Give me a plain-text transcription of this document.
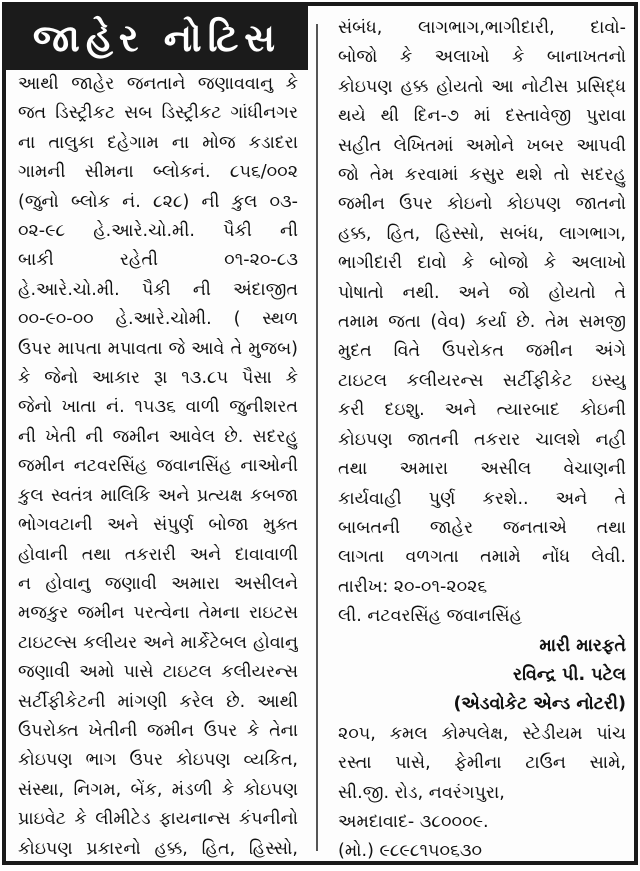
જાહેર નોટિસ
આથી જાહેર જનતાને જણાવવાનુ કે
જત ડિસ્ટ્રીકટ સબ ડિસ્ટ્રીકટ ગાંધીનગર
ના તાલુકા દહેગામ ના મોજ કડાદરા
ગામની સીમના બ્લોકનં. ૮૫૬/૦૦૨
(જુનો બ્લોક નં. ૮૨૮) ની કુલ ૦૩-
૦૨-૯૮ હે.આરે.ચો.મી. પૈકી ની
બાકી રહેતી ૦૧-૨૦-૮૩
હે.આરે.ચો.મી. પૈકી ની અંદાજીત
૦૦-૯૦-૦૦ હે.આરે.ચોમી. ( સ્થળ
ઉપર માપતા મપાવતા જે આવે તે મુજબ)
કે જેનો આકાર રૂા ૧૩.૮૫ પૈસા કે
જેનો ખાતા નં. ૧૫૩૬ વાળી જુનીશરત
ની ખેતી ની જમીન આવેલ છે. સદરહુ
જમીન નટવરસિંહ જવાનસિંહ નાઓની
કુલ સ્વતંત્ર માલિકિ અને પ્રત્યક્ષ કબજા
ભોગવટાની અને સંપુર્ણ બોજા મુક્ત
હોવાની તથા તકરારી અને દાવાવાળી
ન હોવાનુ જણાવી અમારા અસીલને
મજકુર જમીન પરત્વેના તેમના રાઇટસ
ટાઇટલ્સ કલીયર અને માર્કેટેબલ હોવાનુ
જણાવી અમો પાસે ટાઇટલ કલીયરન્સ
સર્ટીફીકેટની માંગણી કરેલ છે. આથી
ઉપરોક્ત ખેતીની જમીન ઉપર કે તેના
કોઇપણ ભાગ ઉપર કોઇપણ વ્યકિત,
સંસ્થા, નિગમ, બેંક, મંડળી કે કોઇપણ
પ્રાઇવેટ કે લીમીટેડ ફાયનાન્સ કંપનીનો
કોઇપણ પ્રકારનો હક્ક, હિત, હિસ્સો,
સંબંધ, લાગભાગ,ભાગીદારી, દાવો-
બોજો કે અલાખો કે બાનાખતનો
કોઇપણ હક્ક હોયતો આ નોટીસ પ્રસિદ્ધ
થયે થી દિન-૭ માં દસ્તાવેજી પુરાવા
સહીત લેખિતમાં અમોને ખબર આપવી
જો તેમ કરવામાં કસુર થશે તો સદરહુ
જમીન ઉપર કોઇનો કોઇપણ જાતનો
હક્ક, હિત, હિસ્સો, સબંધ, લાગભાગ,
ભાગીદારી દાવો કે બોજો કે અલાખો
પોષાતો નથી. અને જો હોયતો તે
તમામ જતા (વેવ) કર્યા છે. તેમ સમજી
મુદત વિતે ઉપરોકત જમીન અંગે
ટાઇટલ કલીયરન્સ સર્ટીફીકેટ ઇસ્યુ
કરી દઇશુ. અને ત્યારબાદ કોઇની
કોઇપણ જાતની તકરાર ચાલશે નહી
તથા અમારા અસીલ વેચાણની
કાર્યવાહી પુર્ણ કરશે.. અને તે
બાબતની જાહેર જનતાએ તથા
લાગતા વળગતા તમામે નોંધ લેવી.
તારીખ: ૨૦-૦૧-૨૦૨૬
લી. નટવરસિંહ જવાનસિંહ
મારી મારફતે
રવિન્દ્ર પી. પટેલ
(એડવોકેટ એન્ડ નોટરી)
૨૦૫, કમલ કોમ્પલેક્ષ, સ્ટેડીયમ પાંચ
રસ્તા પાસે, ફેમીના ટાઉન સામે,
સી.જી. રોડ, નવરંગપુરા,
અમદાવાદ- ૩૮૦૦૦૯.
(મો.) ૯૮૯૮૧૫૦૬૩૦
